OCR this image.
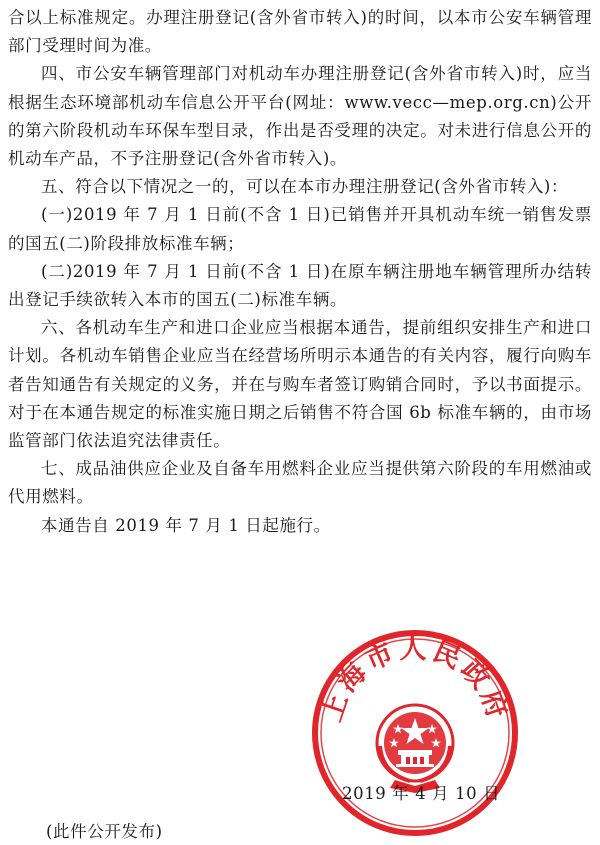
合以上标准规定。办理注册登记(含外省市转入)的时间，以本市公安车辆管理部门受理时间为准。

四、市公安车辆管理部门对机动车办理注册登记(含外省市转入)时，应当根据生态环境部机动车信息公开平台(网址：www.vecc—mep.org.cn)公开的第六阶段机动车环保车型目录，作出是否受理的决定。对未进行信息公开的机动车产品，不予注册登记(含外省市转入)。

五、符合以下情况之一的，可以在本市办理注册登记(含外省市转入)：

(一)2019 年 7 月 1 日前(不含 1 日)已销售并开具机动车统一销售发票的国五(二)阶段排放标准车辆；

(二)2019 年 7 月 1 日前(不含 1 日)在原车辆注册地车辆管理所办结转出登记手续欲转入本市的国五(二)标准车辆。

六、各机动车生产和进口企业应当根据本通告，提前组织安排生产和进口计划。各机动车销售企业应当在经营场所明示本通告的有关内容，履行向购车者告知通告有关规定的义务，并在与购车者签订购销合同时，予以书面提示。对于在本通告规定的标准实施日期之后销售不符合国 6b 标准车辆的，由市场监管部门依法追究法律责任。

七、成品油供应企业及自备车用燃料企业应当提供第六阶段的车用燃油或代用燃料。

本通告自 2019 年 7 月 1 日起施行。

上海市人民政府
2019 年 4 月 10 日
(此件公开发布)
